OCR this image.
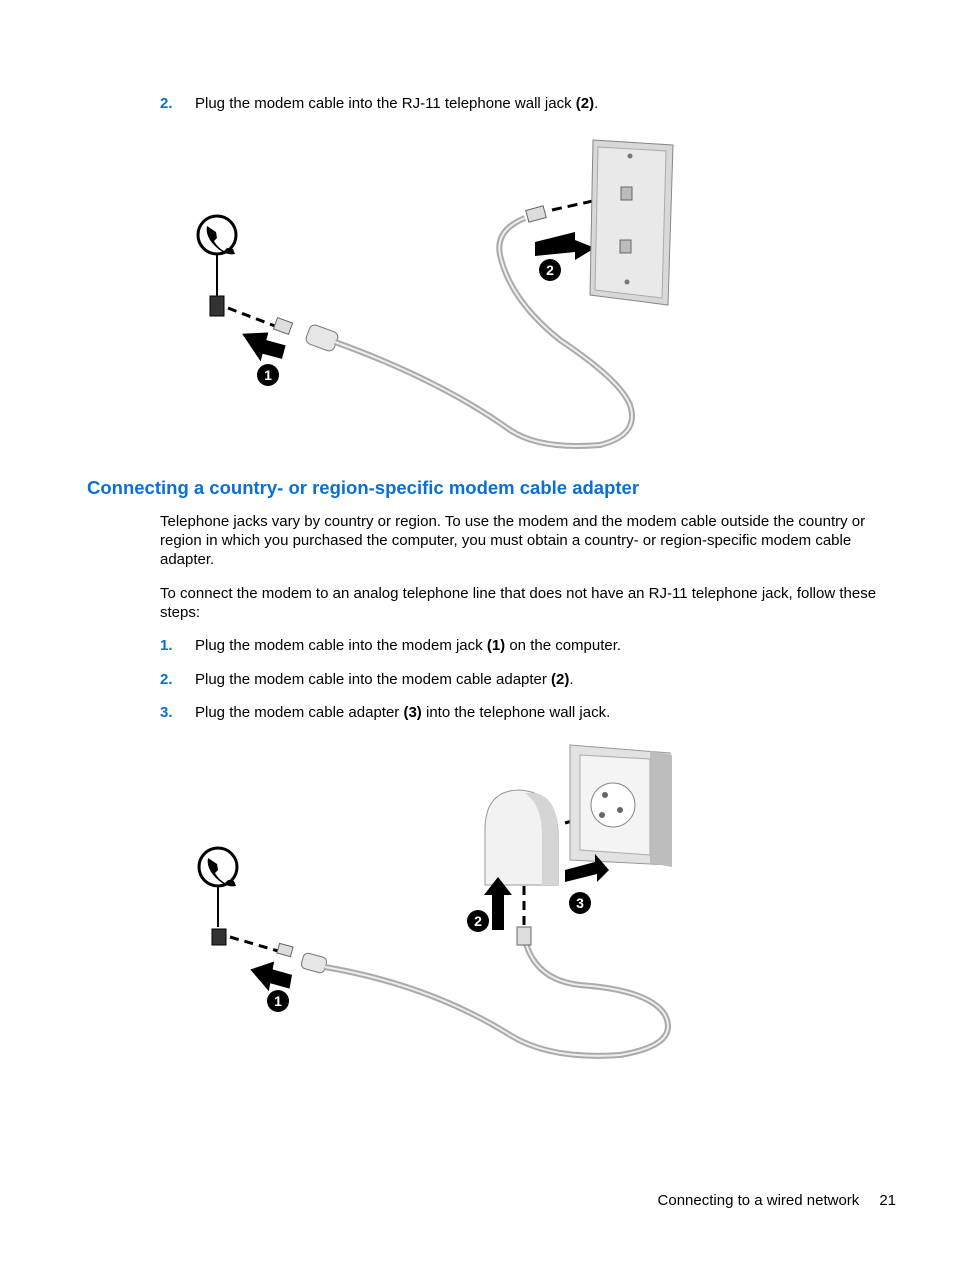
2. Plug the modem cable into the RJ-11 telephone wall jack (2).
1
2
Connecting a country- or region-specific modem cable adapter
Telephone jacks vary by country or region. To use the modem and the modem cable outside the country or region in which you purchased the computer, you must obtain a country- or region-specific modem cable adapter.
To connect the modem to an analog telephone line that does not have an RJ-11 telephone jack, follow these steps:
1. Plug the modem cable into the modem jack (1) on the computer.
2. Plug the modem cable into the modem cable adapter (2).
3. Plug the modem cable adapter (3) into the telephone wall jack.
1
2
3
Connecting to a wired network 21
